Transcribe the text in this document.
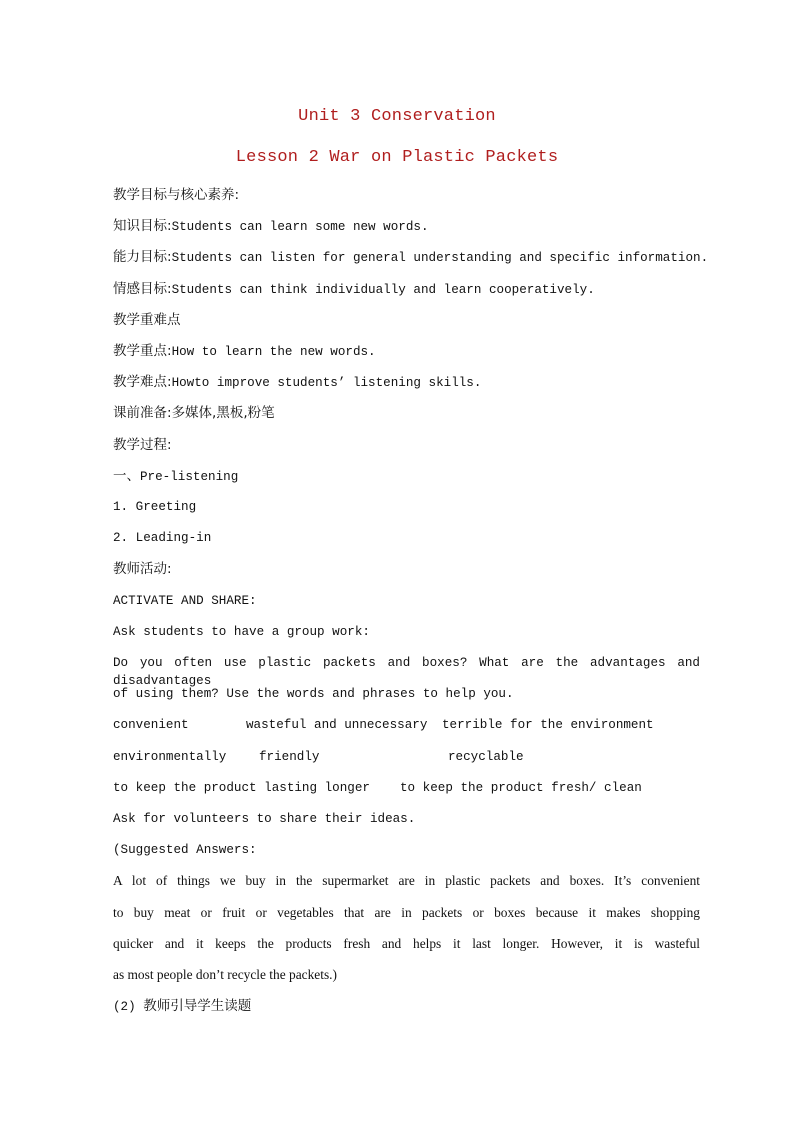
Unit 3 Conservation
Lesson 2 War on Plastic Packets
教学目标与核心素养:
知识目标:Students can learn some new words.
能力目标:Students can listen for general understanding and specific information.
情感目标:Students can think individually and learn cooperatively.
教学重难点
教学重点:How to learn the new words.
教学难点:Howto improve students’ listening skills.
课前准备:多媒体,黑板,粉笔
教学过程:
一、Pre-listening
1. Greeting
2. Leading-in
教师活动:
ACTIVATE AND SHARE:
Ask students to have a group work:
Do you often use plastic packets and boxes? What are the advantages and disadvantages
of using them? Use the words and phrases to help you.
convenient	wasteful and unnecessary terrible for the environment
environmentally	friendly	recyclable
to keep the product lasting longer to keep the product fresh/ clean
Ask for volunteers to share their ideas.
(Suggested Answers:
A lot of things we buy in the supermarket are in plastic packets and boxes. It’s convenient
to buy meat or fruit or vegetables that are in packets or boxes because it makes shopping
quicker and it keeps the products fresh and helps it last longer. However, it is wasteful
as most people don’t recycle the packets.)
(2) 教师引导学生读题
